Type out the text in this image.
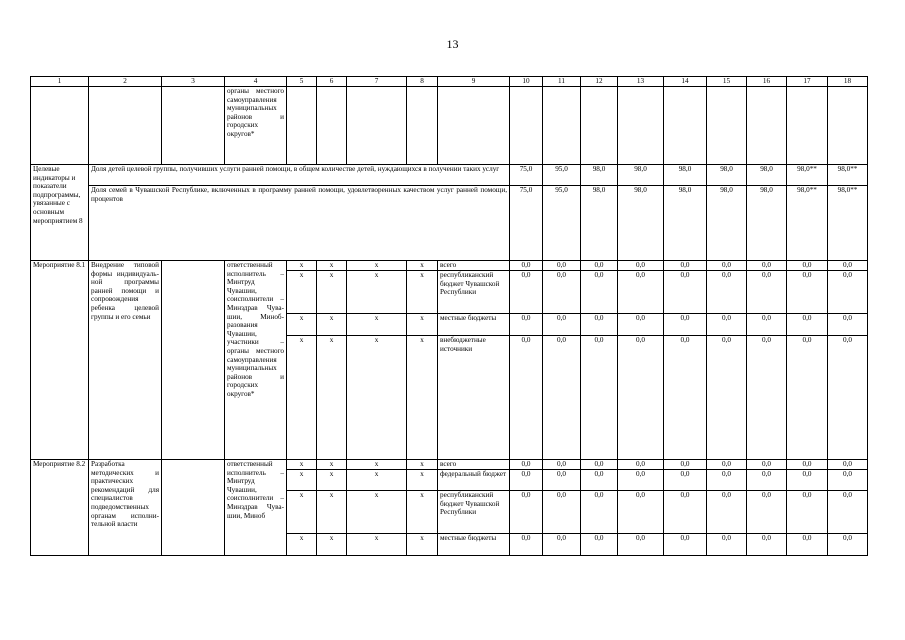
13
1	2	3	4	5	6	7	8	9	10	11	12	13	14	15	16	17	18
			органы местного самоуправления муниципальных районов и городских округов*														
Целевые индикаторы и показатели подпрограммы, увязанные с основным мероприятием 8	Доля детей целевой группы, получивших услуги ранней помощи, в общем количестве детей, нуждающихся в получении таких услуг								75,0	95,0	98,0	98,0	98,0	98,0	98,0	98,0**	98,0**
	Доля семей в Чувашской Республике, включенных в программу ранней помощи, удовлетворенных качеством услуг ранней помощи, процентов								75,0	95,0	98,0	98,0	98,0	98,0	98,0	98,0**	98,0**
Мероприятие 8.1	Внедрение типовой формы индивидуальной программы ранней помощи и сопровождения ребенка целевой группы и его семьи		ответственный исполнитель – Минтруд Чувашии, соисполнители – Минздрав Чувашии, Минобразования Чувашии, участники – органы местного самоуправления муниципальных районов и городских округов*	х	х	х	х	всего	0,0	0,0	0,0	0,0	0,0	0,0	0,0	0,0	0,0
				х	х	х	х	республиканский бюджет Чувашской Республики	0,0	0,0	0,0	0,0	0,0	0,0	0,0	0,0	0,0
				х	х	х	х	местные бюджеты	0,0	0,0	0,0	0,0	0,0	0,0	0,0	0,0	0,0
				х	х	х	х	внебюджетные источники	0,0	0,0	0,0	0,0	0,0	0,0	0,0	0,0	0,0
Мероприятие 8.2	Разработка методических и практических рекомендаций для специалистов подведомственных органам исполнительной власти		ответственный исполнитель – Минтруд Чувашии, соисполнители – Минздрав Чувашии, Миноб	х	х	х	х	всего	0,0	0,0	0,0	0,0	0,0	0,0	0,0	0,0	0,0
				х	х	х	х	федеральный бюджет	0,0	0,0	0,0	0,0	0,0	0,0	0,0	0,0	0,0
				х	х	х	х	республиканский бюджет Чувашской Республики	0,0	0,0	0,0	0,0	0,0	0,0	0,0	0,0	0,0
				х	х	х	х	местные бюджеты	0,0	0,0	0,0	0,0	0,0	0,0	0,0	0,0	0,0
